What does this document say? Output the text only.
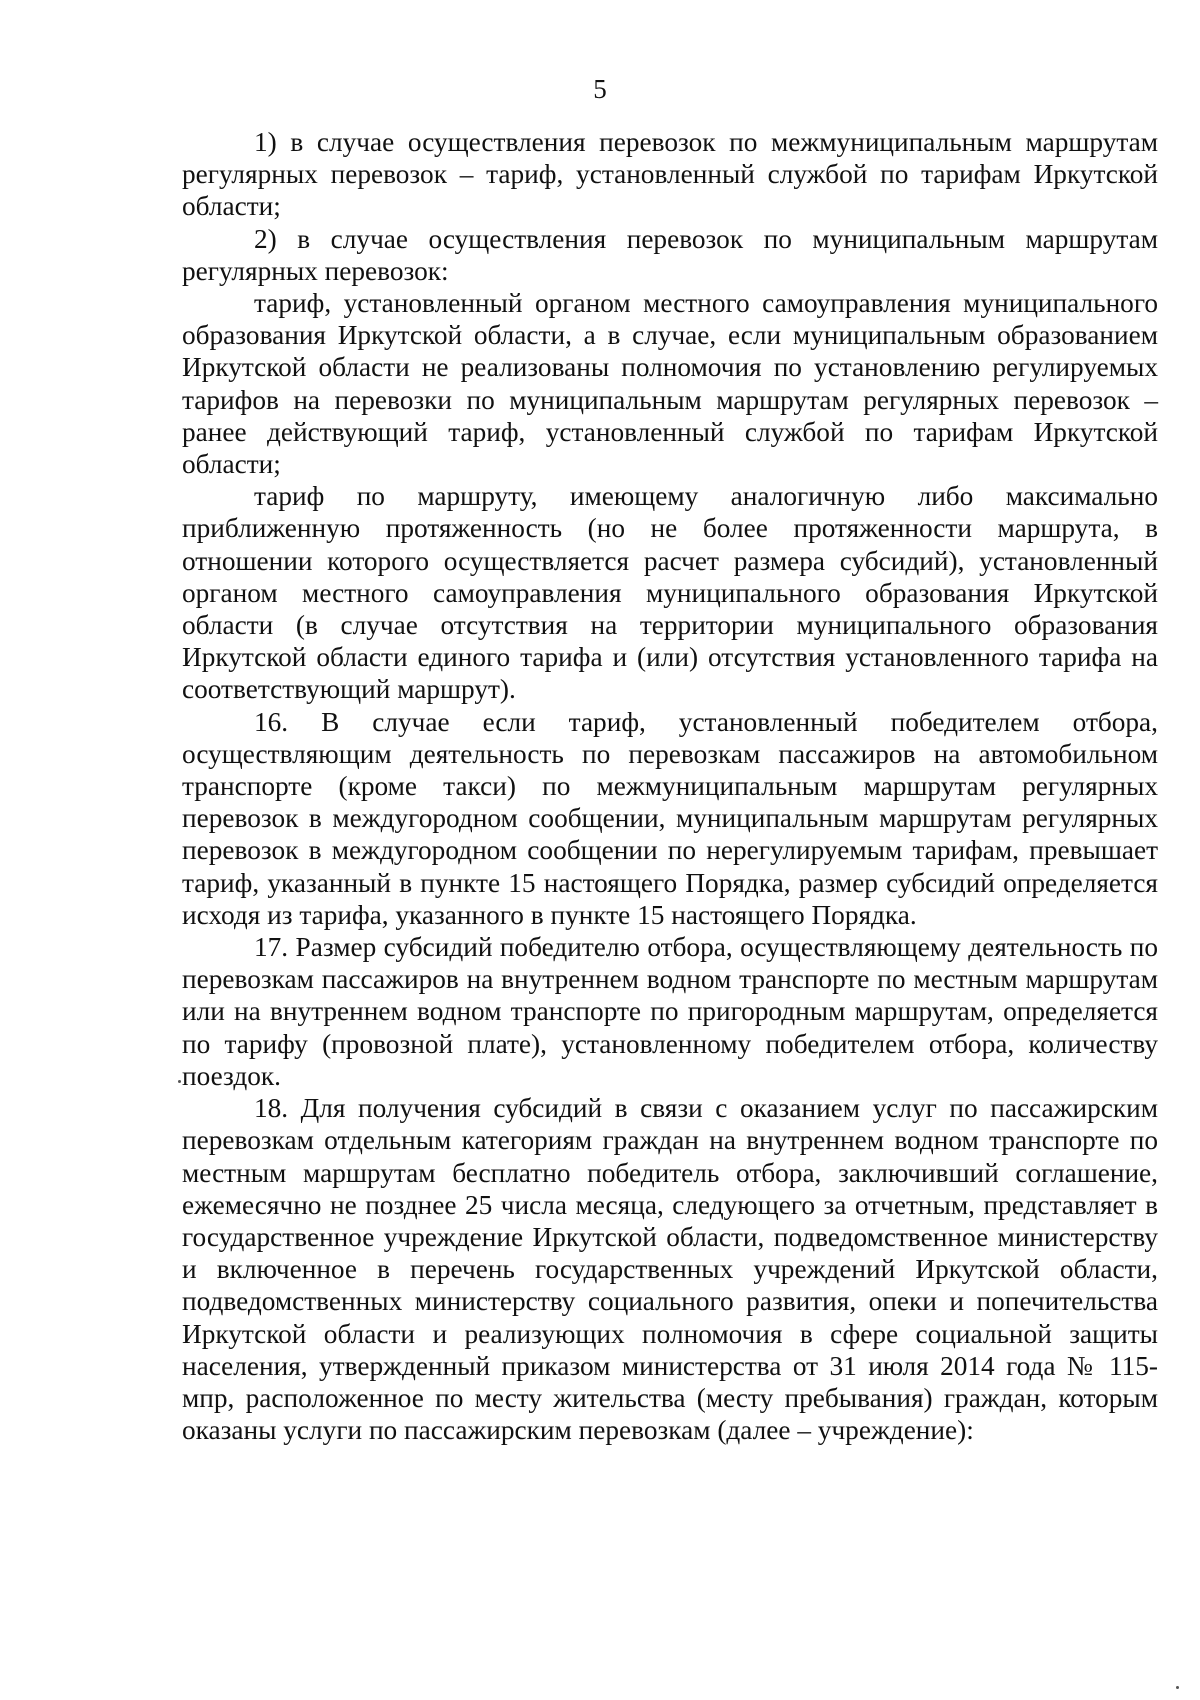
5

1) в случае осуществления перевозок по межмуниципальным маршрутам регулярных перевозок – тариф, установленный службой по тарифам Иркутской области;

2) в случае осуществления перевозок по муниципальным маршрутам регулярных перевозок:

тариф, установленный органом местного самоуправления муниципального образования Иркутской области, а в случае, если муниципальным образованием Иркутской области не реализованы полномочия по установлению регулируемых тарифов на перевозки по муниципальным маршрутам регулярных перевозок – ранее действующий тариф, установленный службой по тарифам Иркутской области;

тариф по маршруту, имеющему аналогичную либо максимально приближенную протяженность (но не более протяженности маршрута, в отношении которого осуществляется расчет размера субсидий), установленный органом местного самоуправления муниципального образования Иркутской области (в случае отсутствия на территории муниципального образования Иркутской области единого тарифа и (или) отсутствия установленного тарифа на соответствующий маршрут).

16. В случае если тариф, установленный победителем отбора, осуществляющим деятельность по перевозкам пассажиров на автомобильном транспорте (кроме такси) по межмуниципальным маршрутам регулярных перевозок в междугородном сообщении, муниципальным маршрутам регулярных перевозок в междугородном сообщении по нерегулируемым тарифам, превышает тариф, указанный в пункте 15 настоящего Порядка, размер субсидий определяется исходя из тарифа, указанного в пункте 15 настоящего Порядка.

17. Размер субсидий победителю отбора, осуществляющему деятельность по перевозкам пассажиров на внутреннем водном транспорте по местным маршрутам или на внутреннем водном транспорте по пригородным маршрутам, определяется по тарифу (провозной плате), установленному победителем отбора, количеству поездок.

18. Для получения субсидий в связи с оказанием услуг по пассажирским перевозкам отдельным категориям граждан на внутреннем водном транспорте по местным маршрутам бесплатно победитель отбора, заключивший соглашение, ежемесячно не позднее 25 числа месяца, следующего за отчетным, представляет в государственное учреждение Иркутской области, подведомственное министерству и включенное в перечень государственных учреждений Иркутской области, подведомственных министерству социального развития, опеки и попечительства Иркутской области и реализующих полномочия в сфере социальной защиты населения, утвержденный приказом министерства от 31 июля 2014 года № 115-мпр, расположенное по месту жительства (месту пребывания) граждан, которым оказаны услуги по пассажирским перевозкам (далее – учреждение):
